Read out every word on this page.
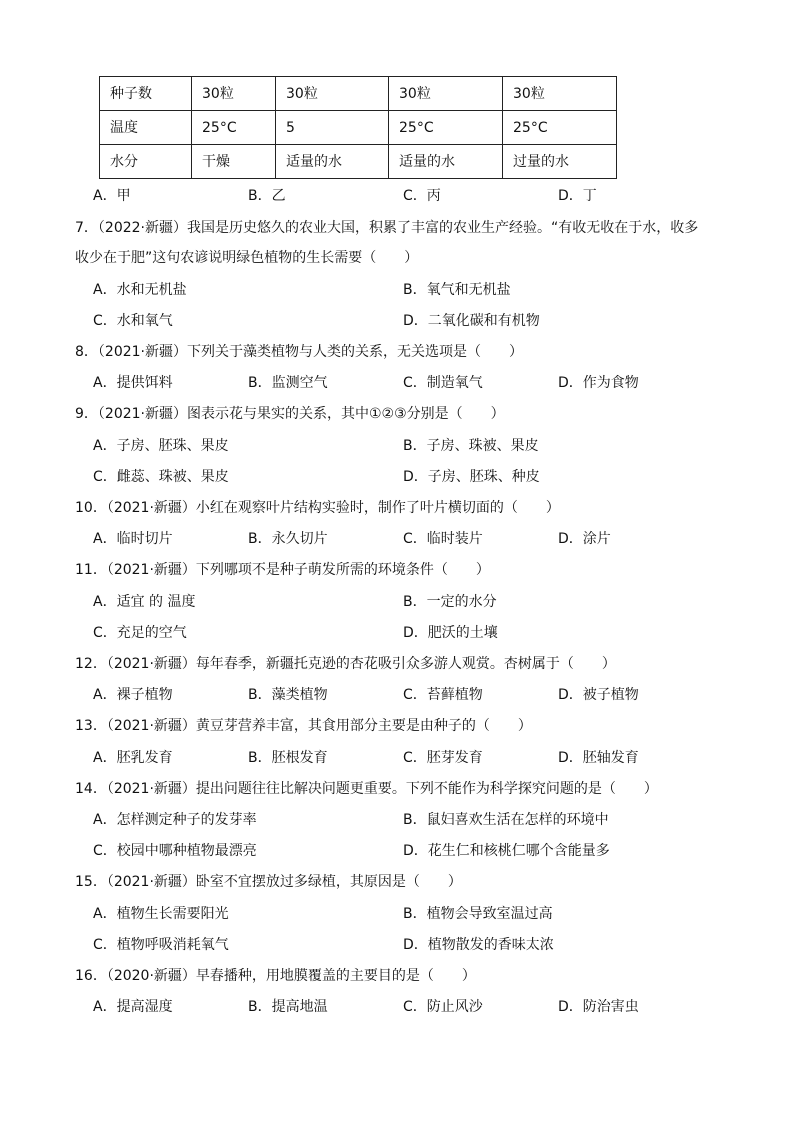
种子数	30粒	30粒	30粒	30粒
温度	25°C	5	25°C	25°C
水分	干燥	适量的水	适量的水	过量的水
A．甲	B．乙	C．丙	D．丁
7．（2022·新疆）我国是历史悠久的农业大国，积累了丰富的农业生产经验。“有收无收在于水，收多
收少在于肥”这句农谚说明绿色植物的生长需要（　　）
A．水和无机盐	B．氧气和无机盐
C．水和氧气	D．二氧化碳和有机物
8．（2021·新疆）下列关于藻类植物与人类的关系，无关选项是（　　）
A．提供饵料	B．监测空气	C．制造氧气	D．作为食物
9．（2021·新疆）图表示花与果实的关系，其中①②③分别是（　　）
A．子房、胚珠、果皮	B．子房、珠被、果皮
C．雌蕊、珠被、果皮	D．子房、胚珠、种皮
10．（2021·新疆）小红在观察叶片结构实验时，制作了叶片横切面的（　　）
A．临时切片	B．永久切片	C．临时装片	D．涂片
11．（2021·新疆）下列哪项不是种子萌发所需的环境条件（　　）
A．适宜 的 温度	B．一定的水分
C．充足的空气	D．肥沃的土壤
12．（2021·新疆）每年春季，新疆托克逊的杏花吸引众多游人观赏。杏树属于（　　）
A．裸子植物	B．藻类植物	C．苔藓植物	D．被子植物
13．（2021·新疆）黄豆芽营养丰富，其食用部分主要是由种子的（　　）
A．胚乳发育	B．胚根发育	C．胚芽发育	D．胚轴发育
14．（2021·新疆）提出问题往往比解决问题更重要。下列不能作为科学探究问题的是（　　）
A．怎样测定种子的发芽率	B．鼠妇喜欢生活在怎样的环境中
C．校园中哪种植物最漂亮	D．花生仁和核桃仁哪个含能量多
15．（2021·新疆）卧室不宜摆放过多绿植，其原因是（　　）
A．植物生长需要阳光	B．植物会导致室温过高
C．植物呼吸消耗氧气	D．植物散发的香味太浓
16．（2020·新疆）早春播种，用地膜覆盖的主要目的是（　　）
A．提高湿度	B．提高地温	C．防止风沙	D．防治害虫
